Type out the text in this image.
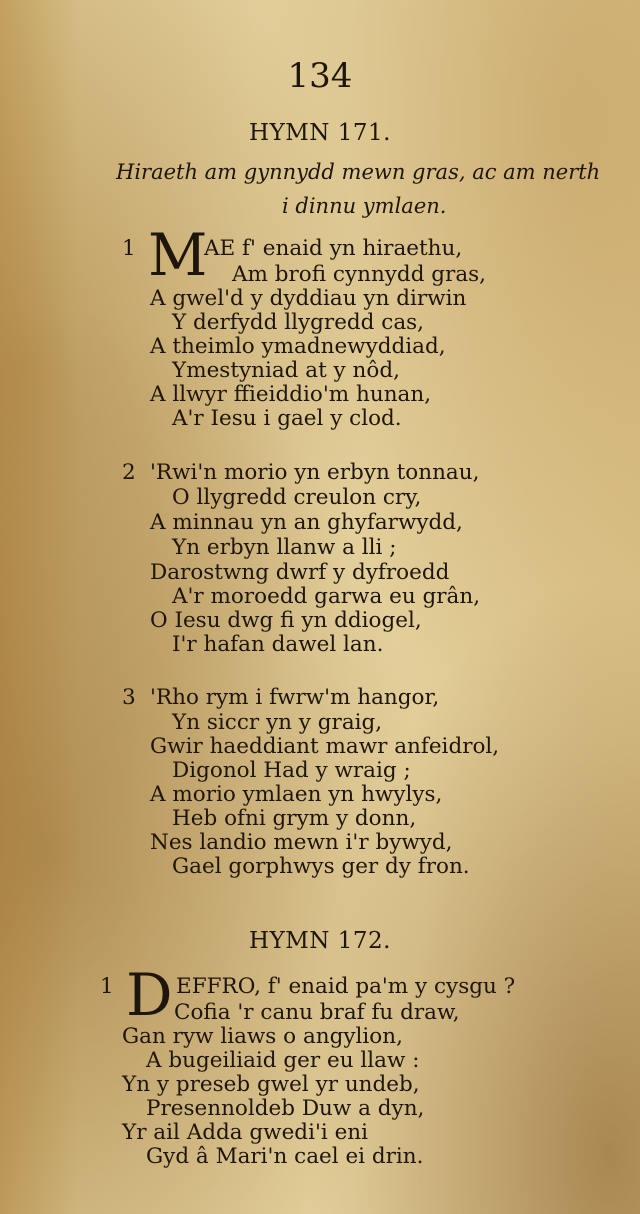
134
HYMN 171.
Hiraeth am gynnydd mewn gras, ac am nerth
i dinnu ymlaen.
1 M
AE f' enaid yn hiraethu,
Am brofi cynnydd gras,
A gwel'd y dyddiau yn dirwin
Y derfydd llygredd cas,
A theimlo ymadnewyddiad,
Ymestyniad at y nôd,
A llwyr ffieiddio'm hunan,
A'r Iesu i gael y clod.
2 'Rwi'n morio yn erbyn tonnau,
O llygredd creulon cry,
A minnau yn an ghyfarwydd,
Yn erbyn llanw a lli ;
Darostwng dwrf y dyfroedd
A'r moroedd garwa eu grân,
O Iesu dwg fi yn ddiogel,
I'r hafan dawel lan.
3 'Rho rym i fwrw'm hangor,
Yn siccr yn y graig,
Gwir haeddiant mawr anfeidrol,
Digonol Had y wraig ;
A morio ymlaen yn hwylys,
Heb ofni grym y donn,
Nes landio mewn i'r bywyd,
Gael gorphwys ger dy fron.
HYMN 172.
1 D EFFRO, f' enaid pa'm y cysgu ?
Cofia 'r canu braf fu draw,
Gan ryw liaws o angylion,
A bugeiliaid ger eu llaw :
Yn y preseb gwel yr undeb,
Presennoldeb Duw a dyn,
Yr ail Adda gwedi'i eni
Gyd â Mari'n cael ei drin.
